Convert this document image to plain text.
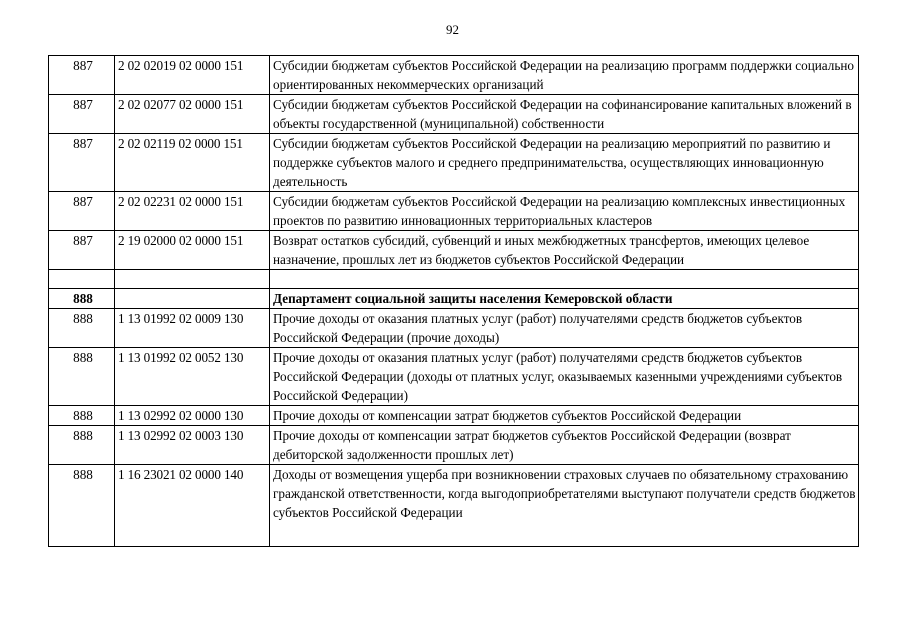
92
887	2 02 02019 02 0000 151	Субсидии бюджетам субъектов Российской Федерации на реализацию программ поддержки социально ориентированных некоммерческих организаций
887	2 02 02077 02 0000 151	Субсидии бюджетам субъектов Российской Федерации на софинансирование капитальных вложений в объекты государственной (муниципальной) собственности
887	2 02 02119 02 0000 151	Субсидии бюджетам субъектов Российской Федерации на реализацию мероприятий по развитию и поддержке субъектов малого и среднего предпринимательства, осуществляющих инновационную деятельность
887	2 02 02231 02 0000 151	Субсидии бюджетам субъектов Российской Федерации на реализацию комплексных инвестиционных проектов по развитию инновационных территориальных кластеров
887	2 19 02000 02 0000 151	Возврат остатков субсидий, субвенций и иных межбюджетных трансфертов, имеющих целевое назначение, прошлых лет из бюджетов субъектов Российской Федерации

888		Департамент социальной защиты населения Кемеровской области
888	1 13 01992 02 0009 130	Прочие доходы от оказания платных услуг (работ) получателями средств бюджетов субъектов Российской Федерации (прочие доходы)
888	1 13 01992 02 0052 130	Прочие доходы от оказания платных услуг (работ) получателями средств бюджетов субъектов Российской Федерации (доходы от платных услуг, оказываемых казенными учреждениями субъектов Российской Федерации)
888	1 13 02992 02 0000 130	Прочие доходы от компенсации затрат бюджетов субъектов Российской Федерации
888	1 13 02992 02 0003 130	Прочие доходы от компенсации затрат бюджетов субъектов Российской Федерации (возврат дебиторской задолженности прошлых лет)
888	1 16 23021 02 0000 140	Доходы от возмещения ущерба при возникновении страховых случаев по обязательному страхованию гражданской ответственности, когда выгодоприобретателями выступают получатели средств бюджетов субъектов Российской Федерации
